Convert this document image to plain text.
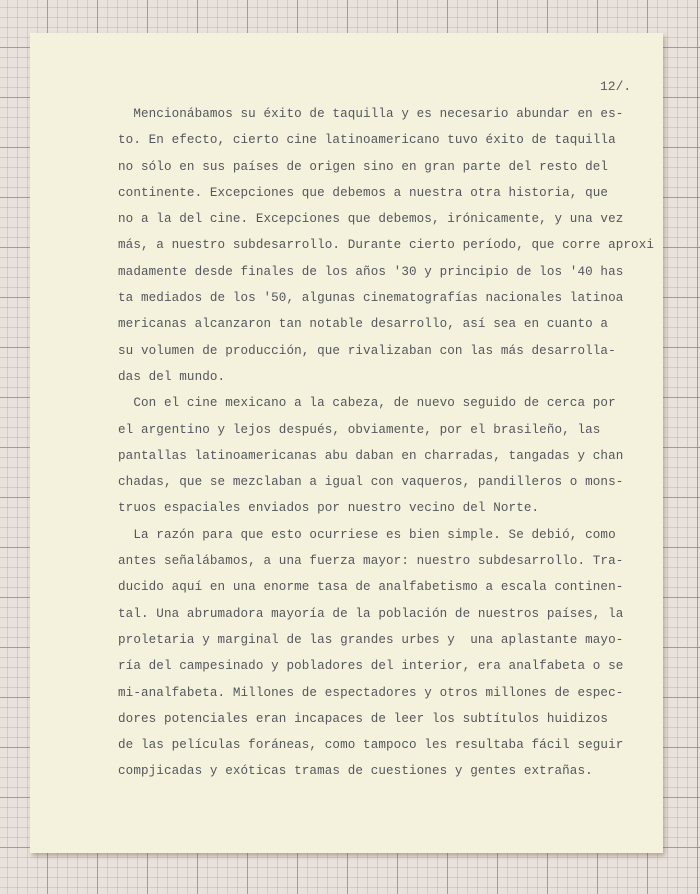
12/.

Mencionábamos su éxito de taquilla y es necesario abundar en es-
to. En efecto, cierto cine latinoamericano tuvo éxito de taquilla
no sólo en sus países de origen sino en gran parte del resto del
continente. Excepciones que debemos a nuestra otra historia, que
no a la del cine. Excepciones que debemos, irónicamente, y una vez
más, a nuestro subdesarrollo. Durante cierto período, que corre aproxi
madamente desde finales de los años '30 y principio de los '40 has
ta mediados de los '50, algunas cinematografías nacionales latinoa
mericanas alcanzaron tan notable desarrollo, así sea en cuanto a
su volumen de producción, que rivalizaban con las más desarrolla-
das del mundo.
Con el cine mexicano a la cabeza, de nuevo seguido de cerca por
el argentino y lejos después, obviamente, por el brasileño, las
pantallas latinoamericanas abu daban en charradas, tangadas y chan
chadas, que se mezclaban a igual con vaqueros, pandilleros o mons-
truos espaciales enviados por nuestro vecino del Norte.
La razón para que esto ocurriese es bien simple. Se debió, como
antes señalábamos, a una fuerza mayor: nuestro subdesarrollo. Tra-
ducido aquí en una enorme tasa de analfabetismo a escala continen-
tal. Una abrumadora mayoría de la población de nuestros países, la
proletaria y marginal de las grandes urbes y  una aplastante mayo-
ría del campesinado y pobladores del interior, era analfabeta o se
mi-analfabeta. Millones de espectadores y otros millones de espec-
dores potenciales eran incapaces de leer los subtítulos huidizos
de las películas foráneas, como tampoco les resultaba fácil seguir
compjicadas y exóticas tramas de cuestiones y gentes extrañas.
